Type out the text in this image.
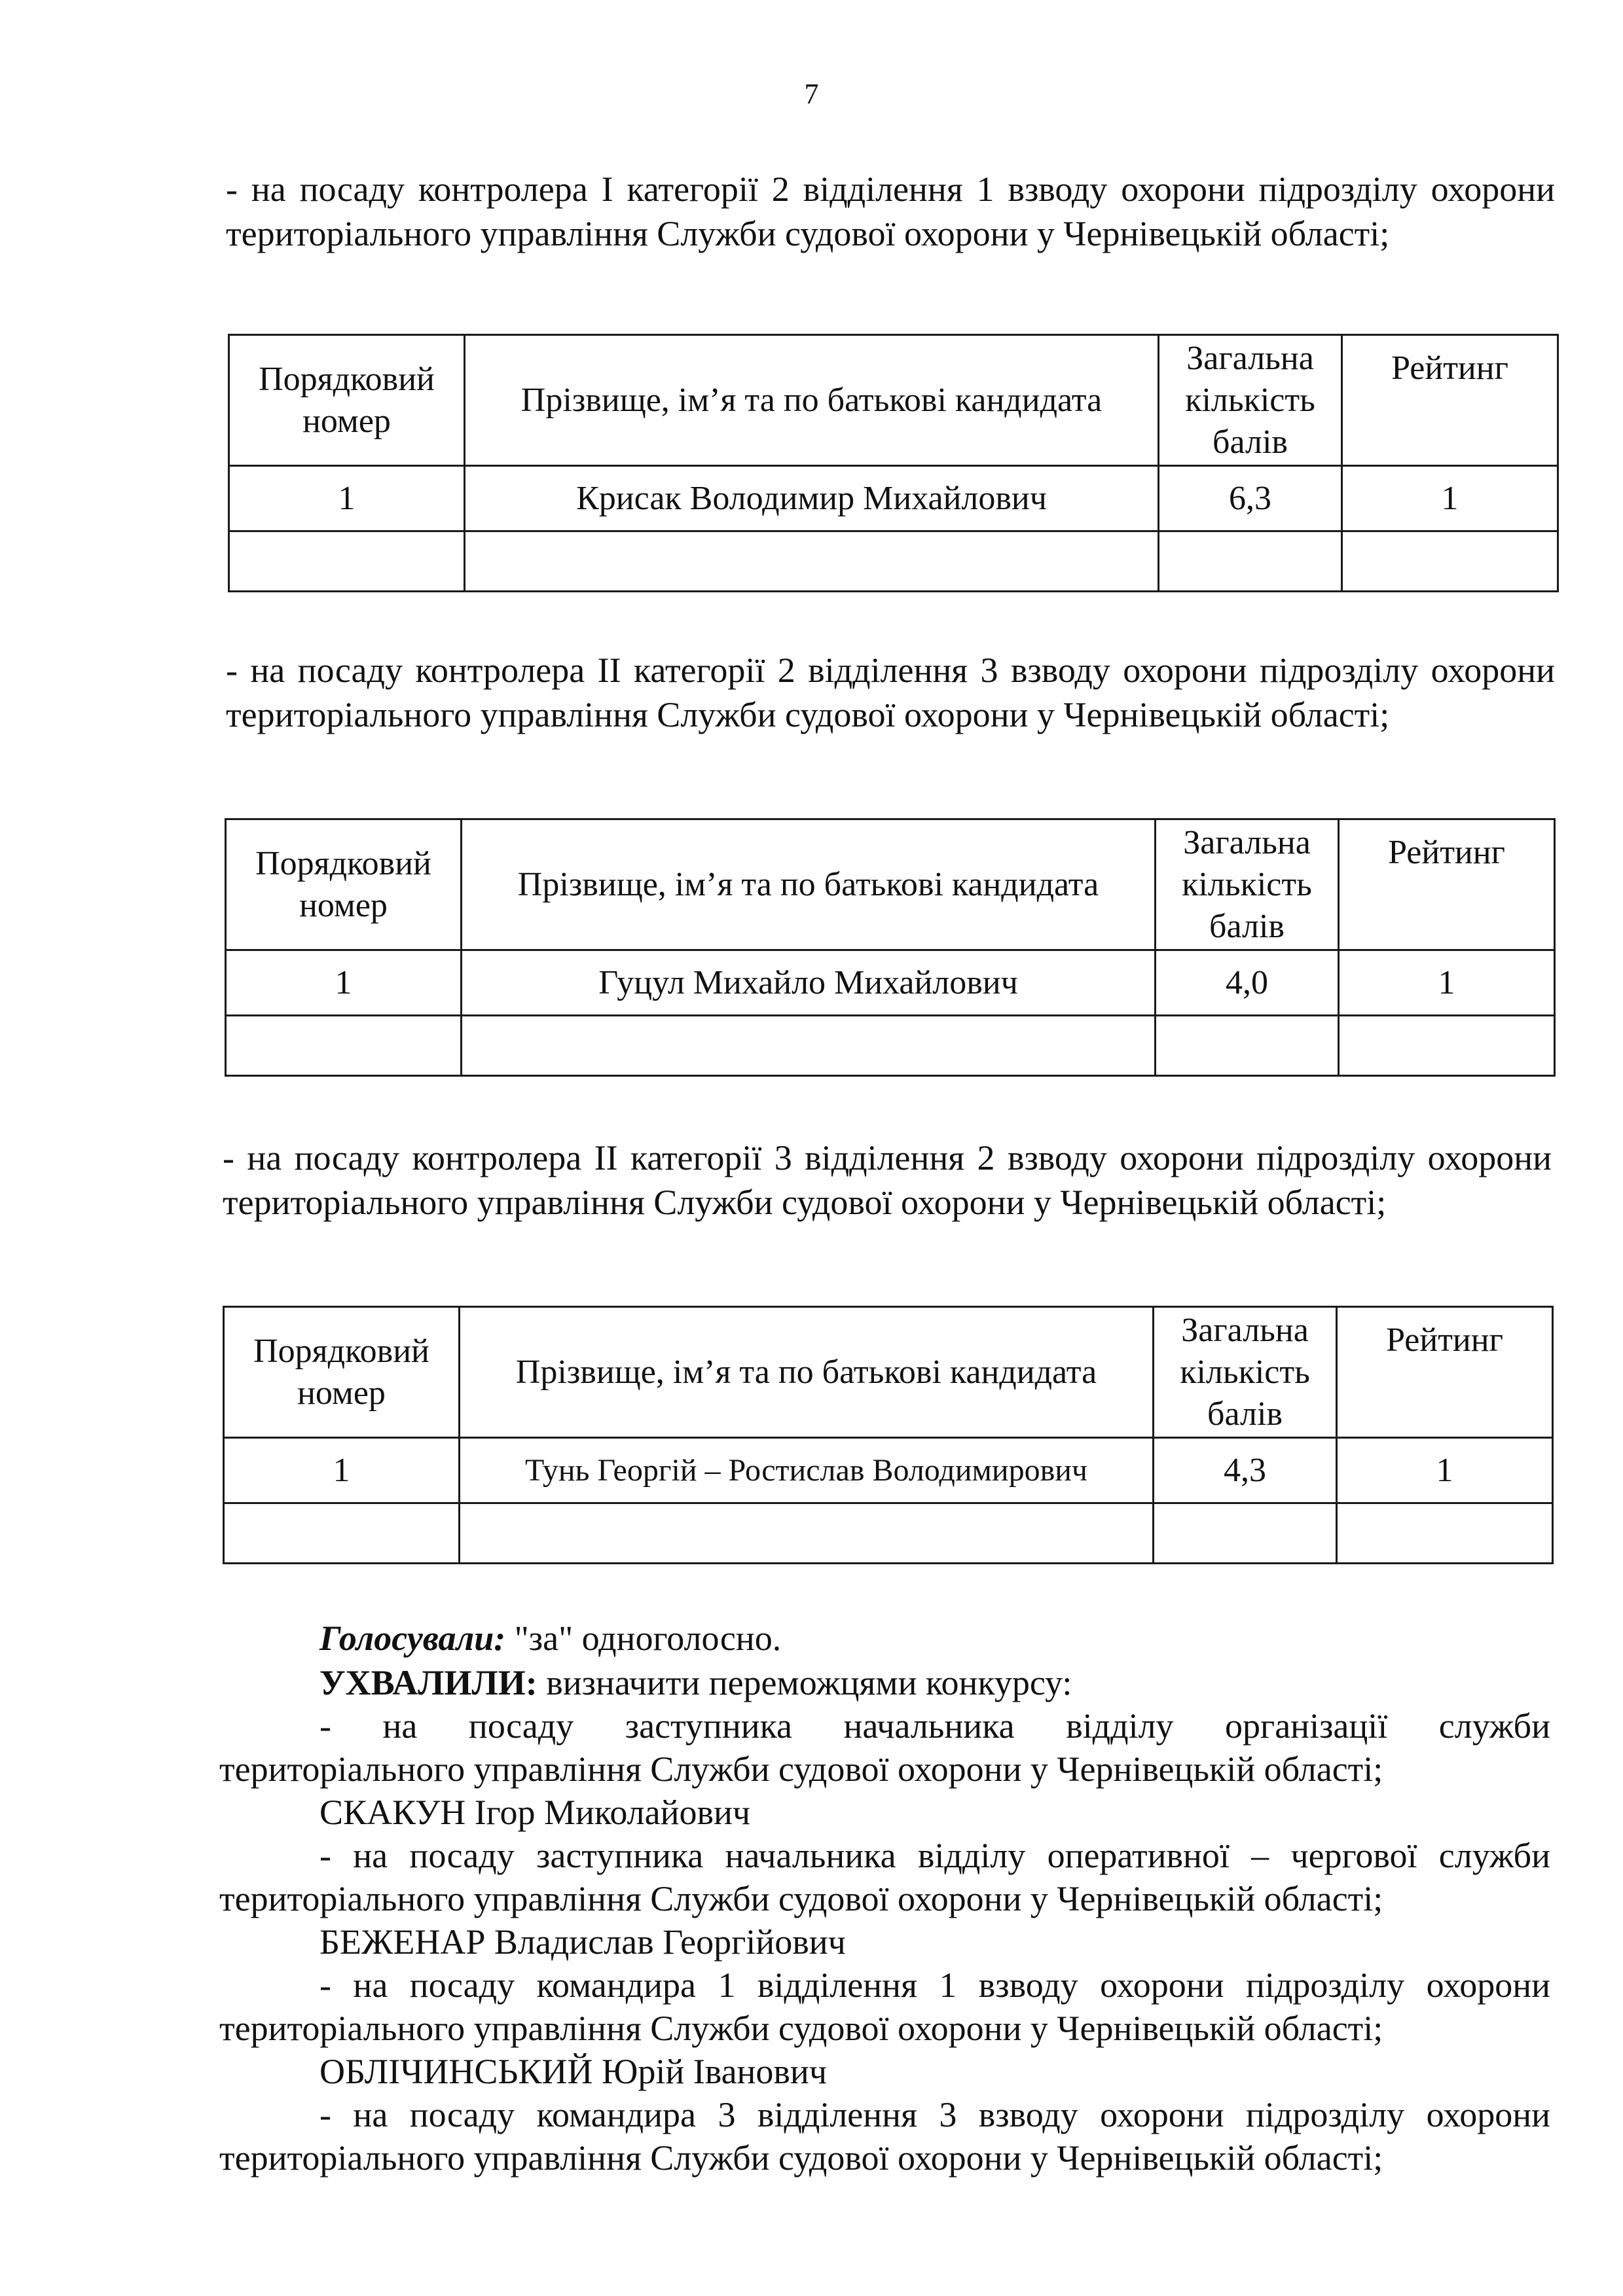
7

- на посаду контролера І категорії 2 відділення 1 взводу охорони підрозділу охорони територіального управління Служби судової охорони у Чернівецькій області;

Порядковий номер	Прізвище, ім’я та по батькові кандидата	Загальна кількість балів	Рейтинг
1	Крисак Володимир Михайлович	6,3	1

- на посаду контролера ІІ категорії 2 відділення 3 взводу охорони підрозділу охорони територіального управління Служби судової охорони у Чернівецькій області;

Порядковий номер	Прізвище, ім’я та по батькові кандидата	Загальна кількість балів	Рейтинг
1	Гуцул Михайло Михайлович	4,0	1

- на посаду контролера ІІ категорії 3 відділення 2 взводу охорони підрозділу охорони територіального управління Служби судової охорони у Чернівецькій області;

Порядковий номер	Прізвище, ім’я та по батькові кандидата	Загальна кількість балів	Рейтинг
1	Тунь Георгій – Ростислав Володимирович	4,3	1

Голосували: "за" одноголосно.
УХВАЛИЛИ: визначити переможцями конкурсу:
- на посаду заступника начальника відділу організації служби
територіального управління Служби судової охорони у Чернівецькій області;
СКАКУН Ігор Миколайович
- на посаду заступника начальника відділу оперативної – чергової служби
територіального управління Служби судової охорони у Чернівецькій області;
БЕЖЕНАР Владислав Георгійович
- на посаду командира 1 відділення 1 взводу охорони підрозділу охорони
територіального управління Служби судової охорони у Чернівецькій області;
ОБЛІЧИНСЬКИЙ Юрій Іванович
- на посаду командира 3 відділення 3 взводу охорони підрозділу охорони
територіального управління Служби судової охорони у Чернівецькій області;
